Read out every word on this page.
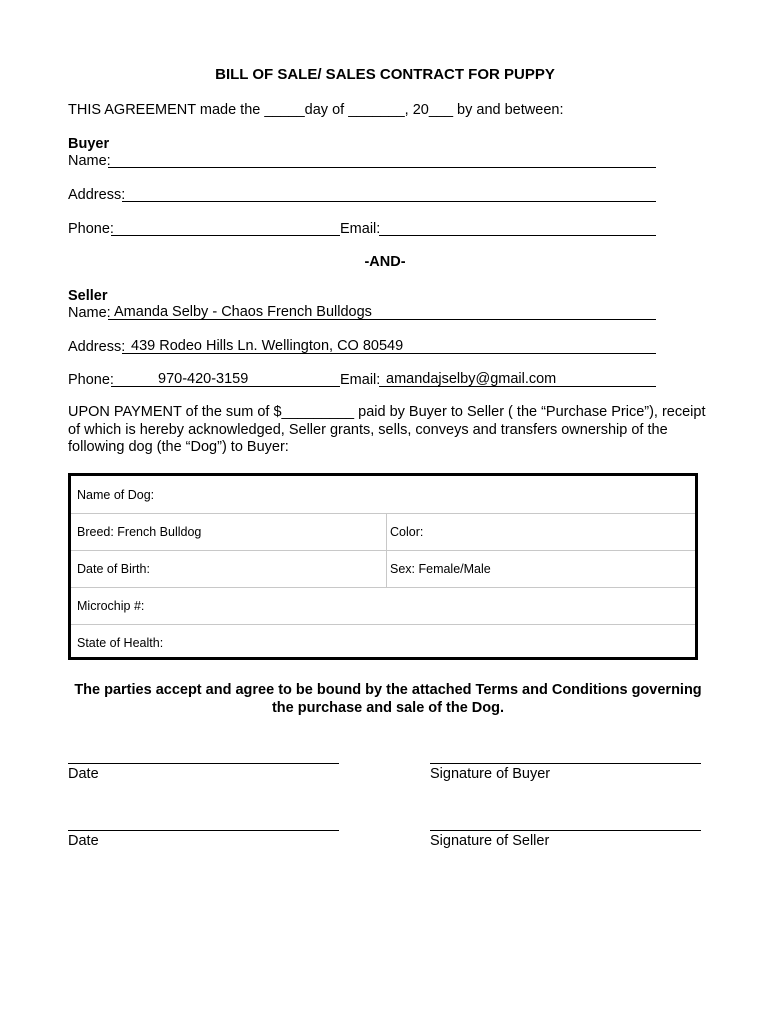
BILL OF SALE/ SALES CONTRACT FOR PUPPY
THIS AGREEMENT made the _____day of _______, 20___ by and between:
Buyer
Name:
Address:
Phone:	Email:
-AND-
Seller
Name: Amanda Selby - Chaos French Bulldogs
Address: 439 Rodeo Hills Ln. Wellington, CO 80549
Phone:	970-420-3159	Email: amandajselby@gmail.com
UPON PAYMENT of the sum of $_________ paid by Buyer to Seller ( the “Purchase Price”), receipt of which is hereby acknowledged, Seller grants, sells, conveys and transfers ownership of the following dog (the “Dog”) to Buyer:
Name of Dog:
Breed: French Bulldog	Color:
Date of Birth:	Sex: Female/Male
Microchip #:
State of Health:
The parties accept and agree to be bound by the attached Terms and Conditions governing the purchase and sale of the Dog.
Date	Signature of Buyer
Date	Signature of Seller
